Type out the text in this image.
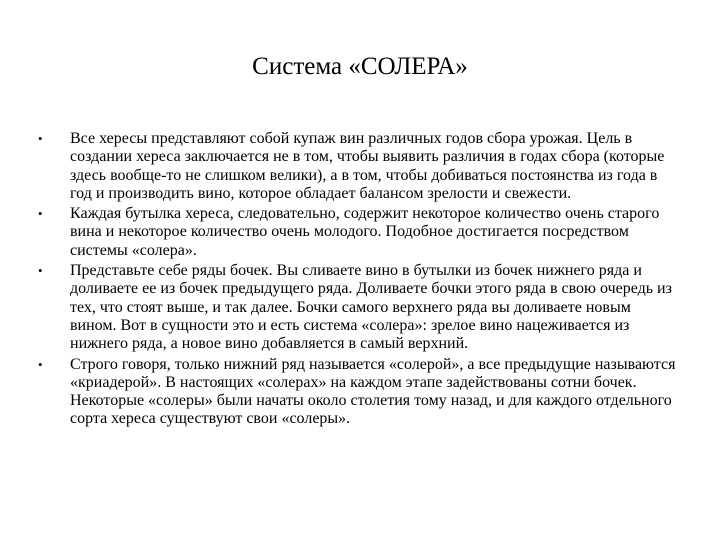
Система «СОЛЕРА»
•	Все хересы представляют собой купаж вин различных годов сбора урожая. Цель в создании хереса заключается не в том, чтобы выявить различия в годах сбора (которые здесь вообще-то не слишком велики), а в том, чтобы добиваться постоянства из года в год и производить вино, которое обладает балансом зрелости и свежести.
•	Каждая бутылка хереса, следовательно, содержит некоторое количество очень старого вина и некоторое количество очень молодого. Подобное достигается посредством системы «солера».
•	Представьте себе ряды бочек. Вы сливаете вино в бутылки из бочек нижнего ряда и доливаете ее из бочек предыдущего ряда. Доливаете бочки этого ряда в свою очередь из тех, что стоят выше, и так далее. Бочки самого верхнего ряда вы доливаете новым вином. Вот в сущности это и есть система «солера»: зрелое вино нацеживается из нижнего ряда, а новое вино добавляется в самый верхний.
•	Строго говоря, только нижний ряд называется «солерой», а все предыдущие называются «криадерой». В настоящих «солерах» на каждом этапе задействованы сотни бочек. Некоторые «солеры» были начаты около столетия тому назад, и для каждого отдельного сорта хереса существуют свои «солеры».
